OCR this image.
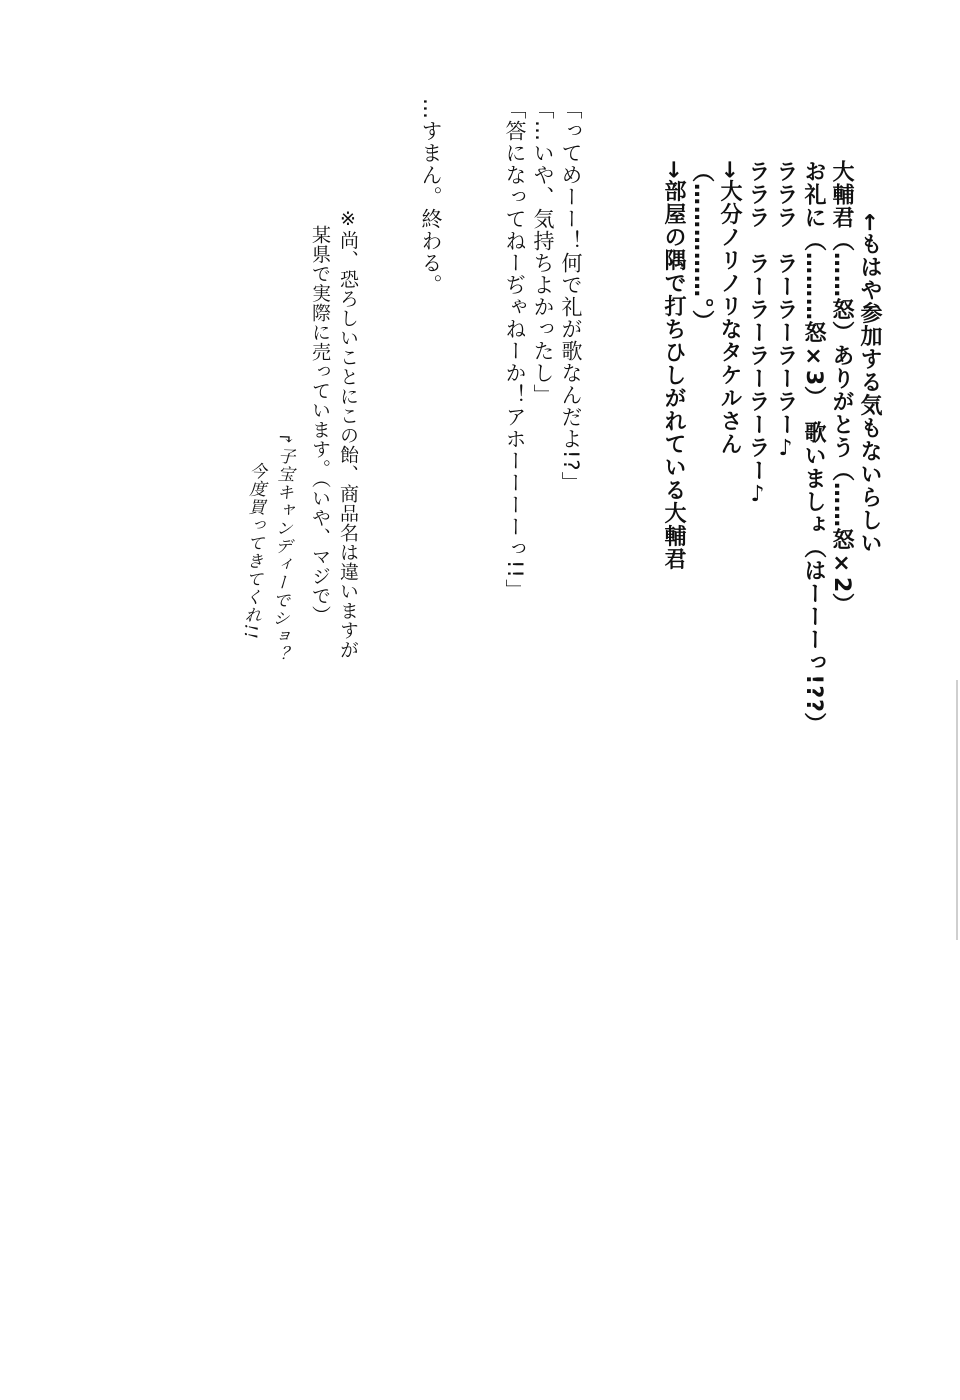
←もはや参加する気もないらしい

大輔君（……怒）ありがとう（……怒×2）

お礼に（………怒×3）　歌いましょ（はーーーっ!??）

ラララ　ラーラーラーラー♪

ラララ　ラーラーラーラーラー♪

→大分ノリノリなタケルさん

（……………。）

→部屋の隅で打ちひしがれている大輔君

「ってめーー！何で礼が歌なんだよ!?」

「…いや、気持ちよかったし」

「答になってねーぢゃねーか！アホーーーーっ!!」

…すまん。終わる。

※尚、恐ろしいことにこの飴、商品名は違いますが

某県で実際に売っています。（いや、マジで）

↱子宝キャンディーでショ？

今度買ってきてくれ!!
